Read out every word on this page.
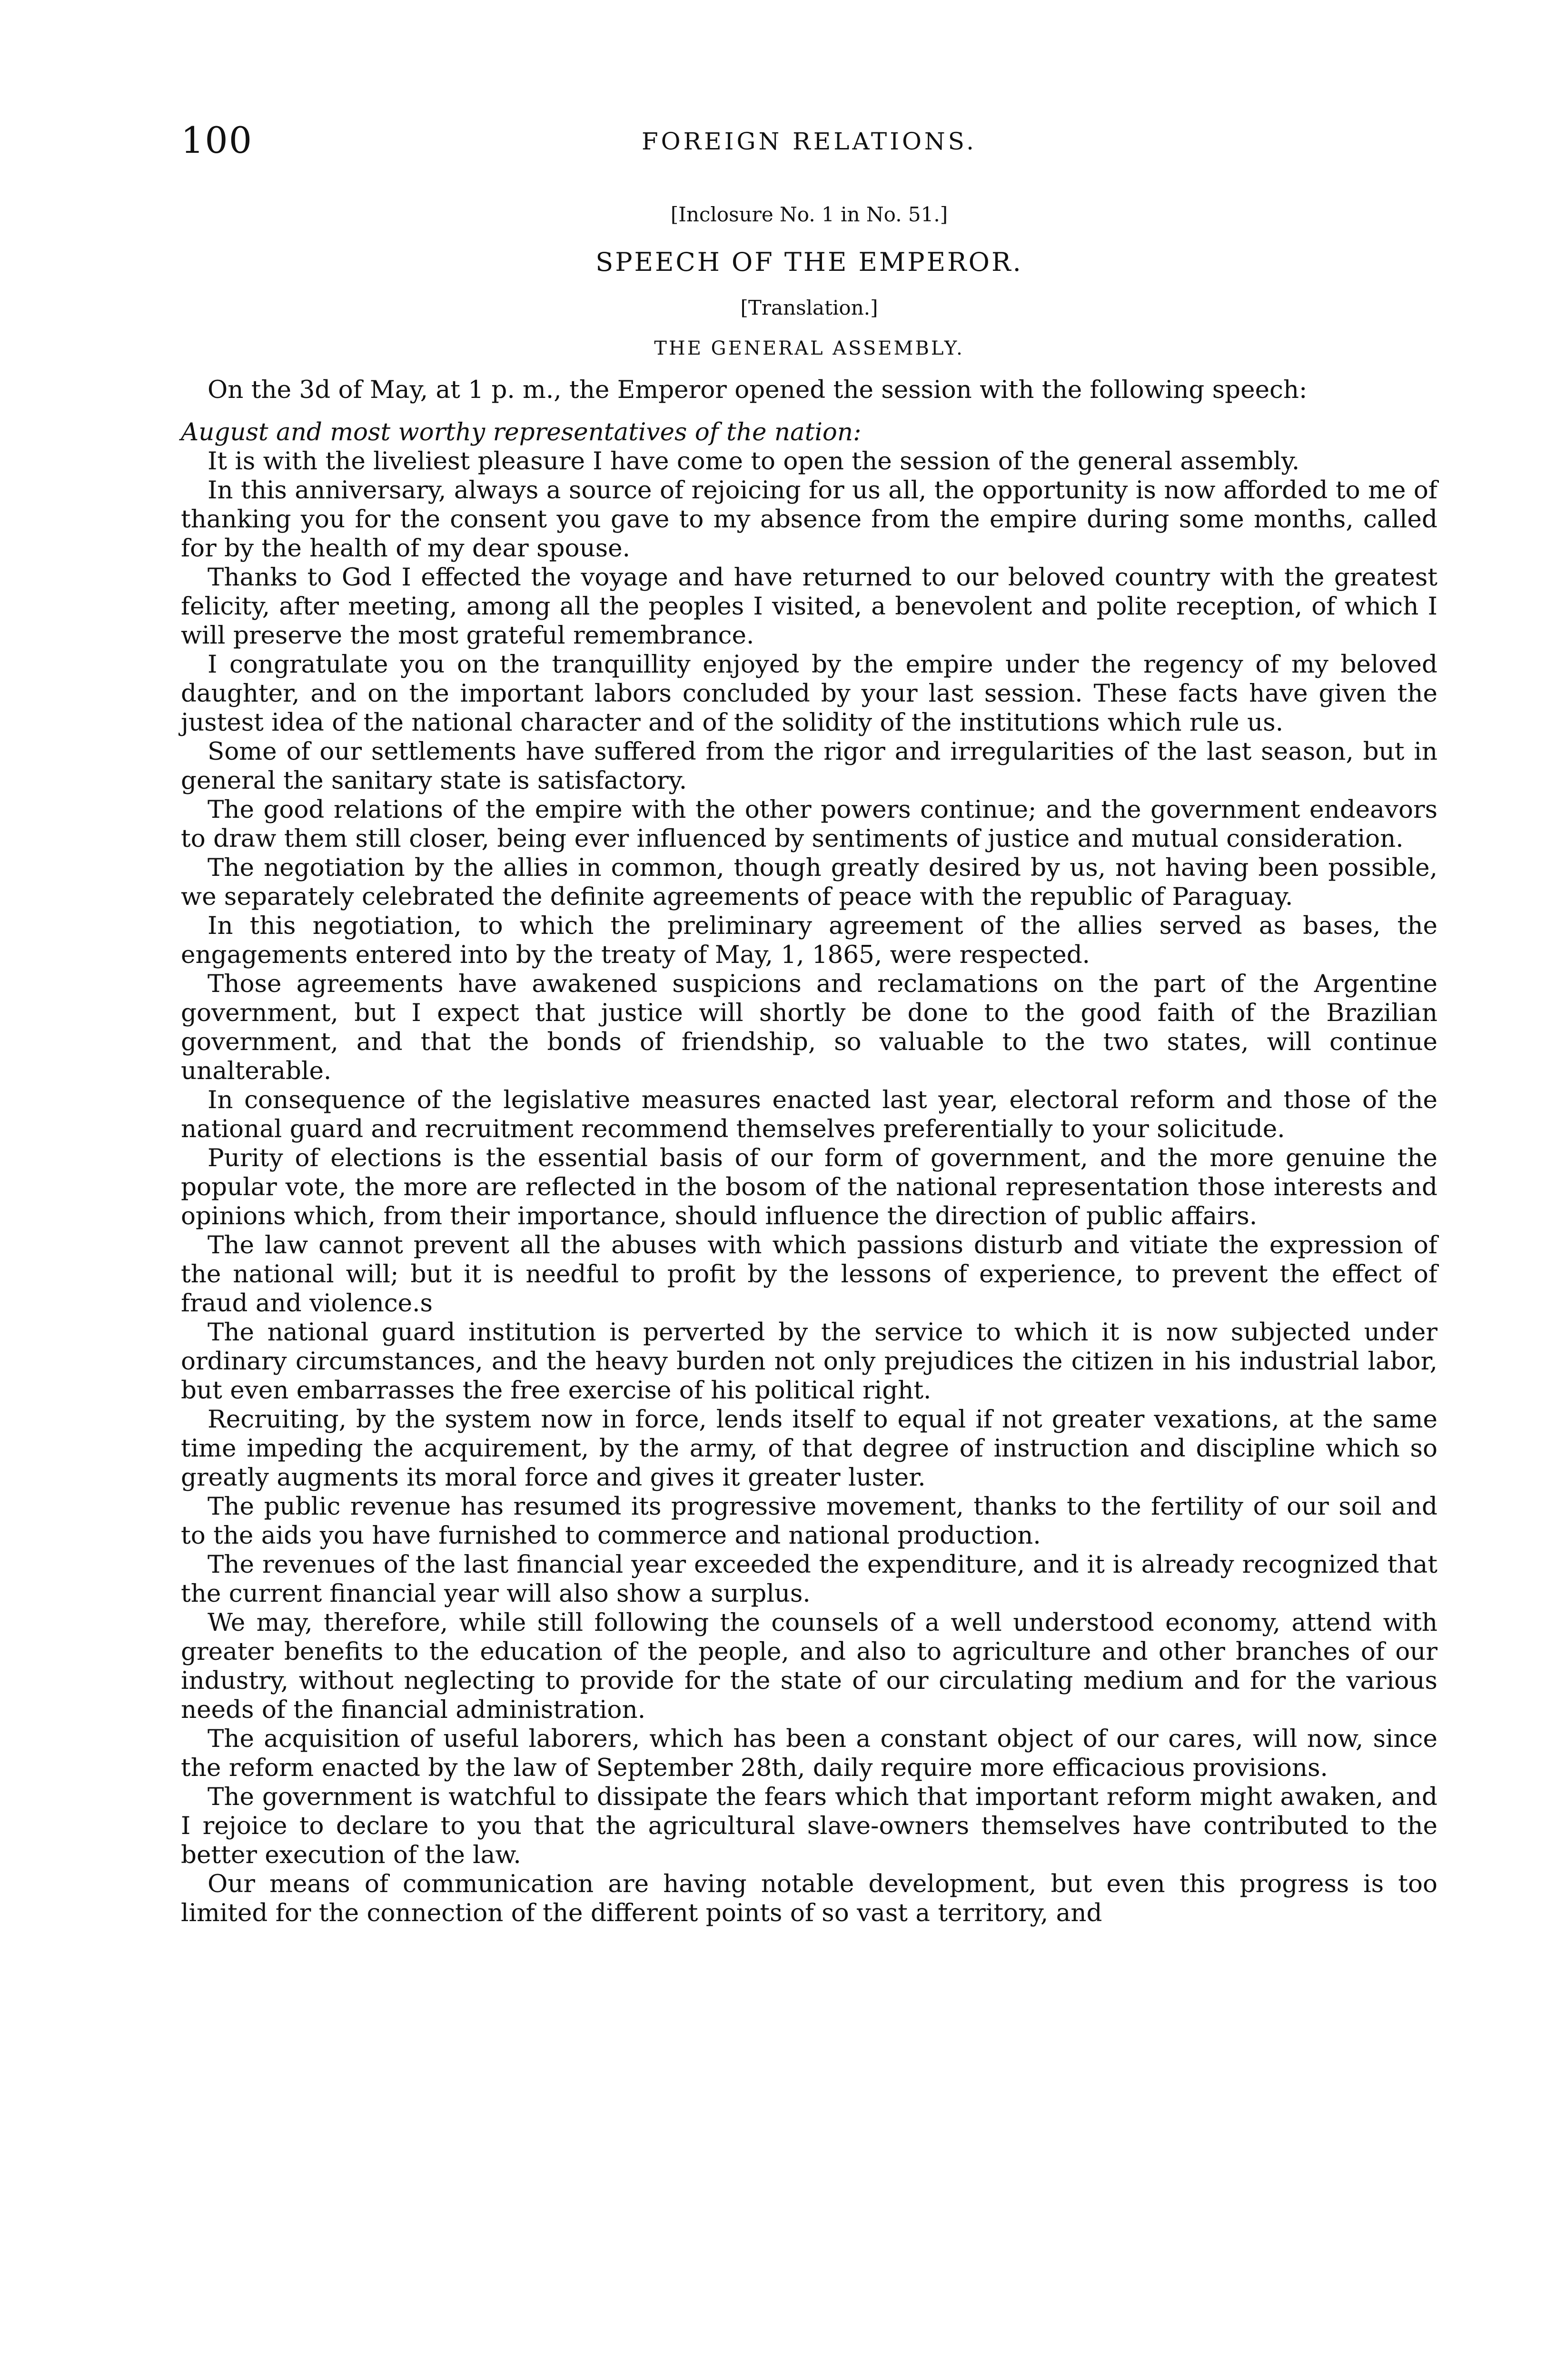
100	FOREIGN RELATIONS.

[Inclosure No. 1 in No. 51.]

SPEECH OF THE EMPEROR.

[Translation.]

THE GENERAL ASSEMBLY.

On the 3d of May, at 1 p. m., the Emperor opened the session with the following speech:

August and most worthy representatives of the nation:

It is with the liveliest pleasure I have come to open the session of the general assembly.

In this anniversary, always a source of rejoicing for us all, the opportunity is now afforded to me of thanking you for the consent you gave to my absence from the empire during some months, called for by the health of my dear spouse.

Thanks to God I effected the voyage and have returned to our beloved country with the greatest felicity, after meeting, among all the peoples I visited, a benevolent and polite reception, of which I will preserve the most grateful remembrance.

I congratulate you on the tranquillity enjoyed by the empire under the regency of my beloved daughter, and on the important labors concluded by your last session. These facts have given the justest idea of the national character and of the solidity of the institutions which rule us.

Some of our settlements have suffered from the rigor and irregularities of the last season, but in general the sanitary state is satisfactory.

The good relations of the empire with the other powers continue; and the government endeavors to draw them still closer, being ever influenced by sentiments of justice and mutual consideration.

The negotiation by the allies in common, though greatly desired by us, not having been possible, we separately celebrated the definite agreements of peace with the republic of Paraguay.

In this negotiation, to which the preliminary agreement of the allies served as bases, the engagements entered into by the treaty of May, 1, 1865, were respected.

Those agreements have awakened suspicions and reclamations on the part of the Argentine government, but I expect that justice will shortly be done to the good faith of the Brazilian government, and that the bonds of friendship, so valuable to the two states, will continue unalterable.

In consequence of the legislative measures enacted last year, electoral reform and those of the national guard and recruitment recommend themselves preferentially to your solicitude.

Purity of elections is the essential basis of our form of government, and the more genuine the popular vote, the more are reflected in the bosom of the national representation those interests and opinions which, from their importance, should influence the direction of public affairs.

The law cannot prevent all the abuses with which passions disturb and vitiate the expression of the national will; but it is needful to profit by the lessons of experience, to prevent the effect of fraud and violence.s

The national guard institution is perverted by the service to which it is now subjected under ordinary circumstances, and the heavy burden not only prejudices the citizen in his industrial labor, but even embarrasses the free exercise of his political right.

Recruiting, by the system now in force, lends itself to equal if not greater vexations, at the same time impeding the acquirement, by the army, of that degree of instruction and discipline which so greatly augments its moral force and gives it greater luster.

The public revenue has resumed its progressive movement, thanks to the fertility of our soil and to the aids you have furnished to commerce and national production.

The revenues of the last financial year exceeded the expenditure, and it is already recognized that the current financial year will also show a surplus.

We may, therefore, while still following the counsels of a well understood economy, attend with greater benefits to the education of the people, and also to agriculture and other branches of our industry, without neglecting to provide for the state of our circulating medium and for the various needs of the financial administration.

The acquisition of useful laborers, which has been a constant object of our cares, will now, since the reform enacted by the law of September 28th, daily require more efficacious provisions.

The government is watchful to dissipate the fears which that important reform might awaken, and I rejoice to declare to you that the agricultural slave-owners themselves have contributed to the better execution of the law.

Our means of communication are having notable development, but even this progress is too limited for the connection of the different points of so vast a territory, and
